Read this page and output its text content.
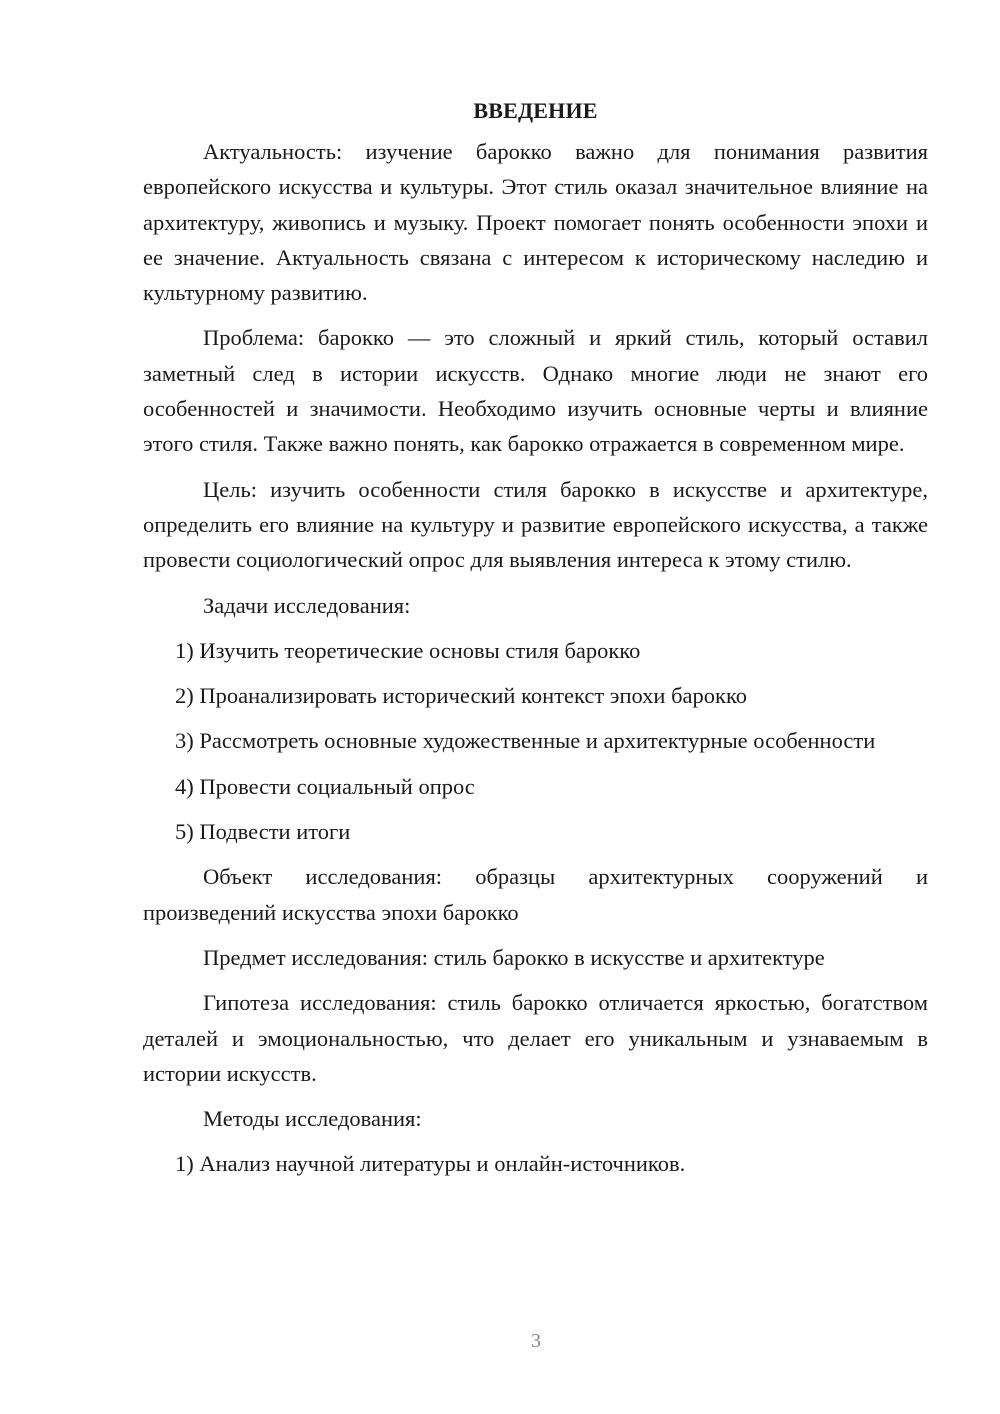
ВВЕДЕНИЕ

Актуальность: изучение барокко важно для понимания развития европейского искусства и культуры. Этот стиль оказал значительное влияние на архитектуру, живопись и музыку. Проект помогает понять особенности эпохи и ее значение. Актуальность связана с интересом к историческому наследию и культурному развитию.

Проблема: барокко — это сложный и яркий стиль, который оставил заметный след в истории искусств. Однако многие люди не знают его особенностей и значимости. Необходимо изучить основные черты и влияние этого стиля. Также важно понять, как барокко отражается в современном мире.

Цель: изучить особенности стиля барокко в искусстве и архитектуре, определить его влияние на культуру и развитие европейского искусства, а также провести социологический опрос для выявления интереса к этому стилю.

Задачи исследования:

1) Изучить теоретические основы стиля барокко

2) Проанализировать исторический контекст эпохи барокко

3) Рассмотреть основные художественные и архитектурные особенности

4) Провести социальный опрос

5) Подвести итоги

Объект исследования: образцы архитектурных сооружений и произведений искусства эпохи барокко

Предмет исследования: стиль барокко в искусстве и архитектуре

Гипотеза исследования: стиль барокко отличается яркостью, богатством деталей и эмоциональностью, что делает его уникальным и узнаваемым в истории искусств.

Методы исследования:

1) Анализ научной литературы и онлайн-источников.

3
